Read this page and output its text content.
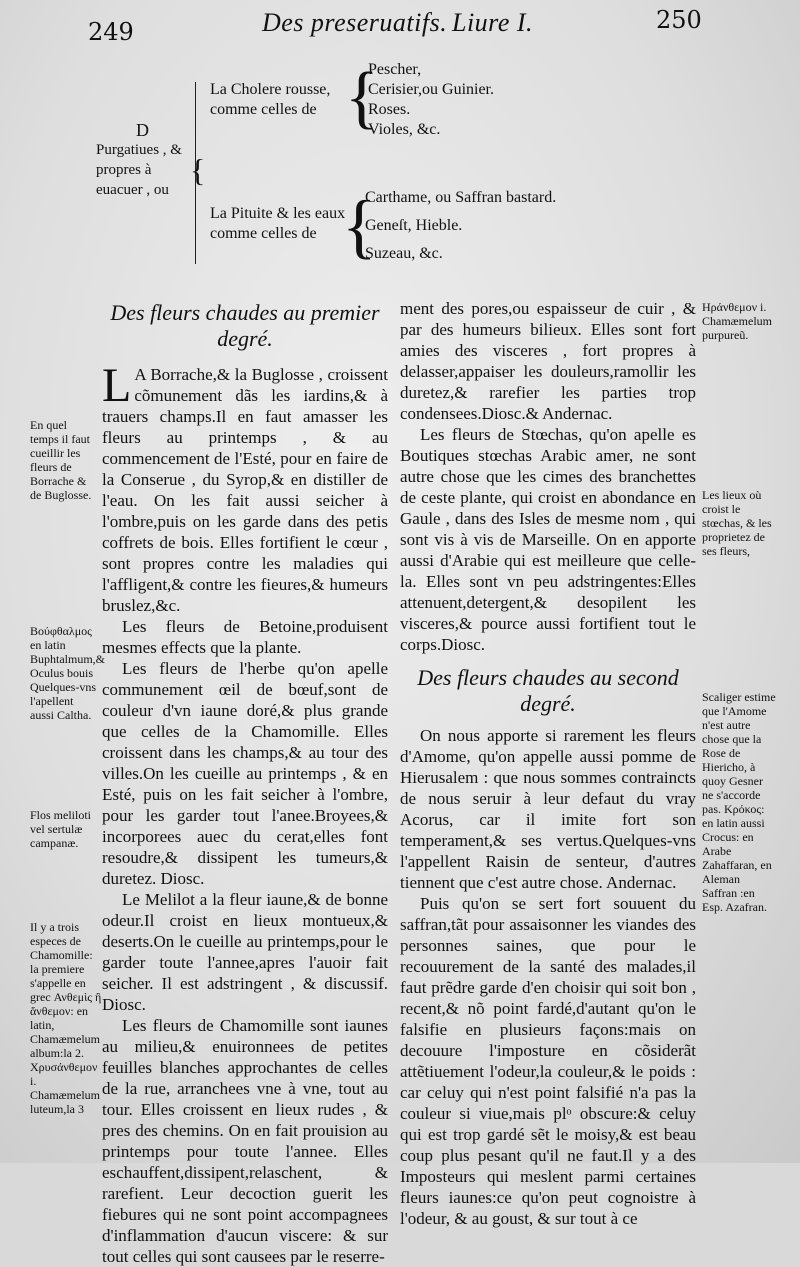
249	Des preseruatifs. Liure I.	250
D
Purgatiues , & propres à euacuer , ou
{
La Cholere rousse, comme celles de {
Pescher,
Cerisier,ou Guinier.
Roses.
Violes, &c.
La Pituite & les eaux comme celles de {
Carthame, ou Saffran bastard.
Geneſt, Hieble.
Suzeau, &c.
En quel temps il faut cueillir les fleurs de Borrache & de Buglosse.
Βούφθαλμος en latin Buphtalmum,& Oculus bouis Quelques-vns l'apellent aussi Caltha.
Flos meliloti vel sertulæ campanæ.
Il y a trois especes de Chamomille: la premiere s'appelle en grec Ανθεμὶς ἢ ἄνθεμον: en latin, Chamæmelum album:la 2. Χρυσάνθεμον i. Chamæmelum luteum,la 3
Des fleurs chaudes au premier degré.

L A Borrache,& la Buglosse , croissent cõmunement dãs les iardins,& à trauers champs.Il en faut amasser les fleurs au printemps , & au commencement de l'Esté, pour en faire de la Conserue , du Syrop,& en distiller de l'eau. On les fait aussi seicher à l'ombre,puis on les garde dans des petis coffrets de bois. Elles fortifient le cœur , sont propres contre les maladies qui l'affligent,& contre les fieures,& humeurs bruslez,&c.

Les fleurs de Betoine,produisent mesmes effects que la plante.

Les fleurs de l'herbe qu'on apelle communement œil de bœuf,sont de couleur d'vn iaune doré,& plus grande que celles de la Chamomille. Elles croissent dans les champs,& au tour des villes.On les cueille au printemps , & en Esté, puis on les fait seicher à l'ombre, pour les garder tout l'anee.Broyees,& incorporees auec du cerat,elles font resoudre,& dissipent les tumeurs,& duretez. Diosc.

Le Melilot a la fleur iaune,& de bonne odeur.Il croist en lieux montueux,& deserts.On le cueille au printemps,pour le garder toute l'annee,apres l'auoir fait seicher. Il est adstringent , & discussif. Diosc.

Les fleurs de Chamomille sont iaunes au milieu,& enuironnees de petites feuilles blanches approchantes de celles de la rue, arranchees vne à vne, tout au tour. Elles croissent en lieux rudes , & pres des chemins. On en fait prouision au printemps pour toute l'annee. Elles eschauffent,dissipent,relaschent, & rarefient. Leur decoction guerit les fiebures qui ne sont point accompagnees d'inflammation d'aucun viscere: & sur tout celles qui sont causees par le reserre-

ment des pores,ou espaisseur de cuir , & par des humeurs bilieux. Elles sont fort amies des visceres , fort propres à delasser,appaiser les douleurs,ramollir les duretez,& rarefier les parties trop condensees.Diosc.& Andernac.

Les fleurs de Stœchas, qu'on apelle es Boutiques stœchas Arabic amer, ne sont autre chose que les cimes des branchettes de ceste plante, qui croist en abondance en Gaule , dans des Isles de mesme nom , qui sont vis à vis de Marseille. On en apporte aussi d'Arabie qui est meilleure que celle-la. Elles sont vn peu adstringentes:Elles attenuent,detergent,& desopilent les visceres,& pource aussi fortifient tout le corps.Diosc.

Des fleurs chaudes au second degré.

On nous apporte si rarement les fleurs d'Amome, qu'on appelle aussi pomme de Hierusalem : que nous sommes contraincts de nous seruir à leur defaut du vray Acorus, car il imite fort son temperament,& ses vertus.Quelques-vns l'appellent Raisin de senteur, d'autres tiennent que c'est autre chose. Andernac.

Puis qu'on se sert fort souuent du saffran,tãt pour assaisonner les viandes des personnes saines, que pour le recouurement de la santé des malades,il faut prẽdre garde d'en choisir qui soit bon , recent,& nõ point fardé,d'autant qu'on le falsifie en plusieurs façons:mais on decouure l'imposture en cõsiderãt attẽtiuement l'odeur,la couleur,& le poids : car celuy qui n'est point falsifié n'a pas la couleur si viue,mais plᵒ obscure:& celuy qui est trop gardé sẽt le moisy,& est beau coup plus pesant qu'il ne faut.Il y a des Imposteurs qui meslent parmi certaines fleurs iaunes:ce qu'on peut cognoistre à l'odeur, & au goust, & sur tout à ce

Ηράνθεμον i. Chamæmelum purpureũ.
Les lieux où croist le stœchas, & les proprietez de ses fleurs,
Scaliger estime que l'Amome n'est autre chose que la Rose de Hiericho, à quoy Gesner ne s'accorde pas. Κρόκος: en latin aussi Crocus: en Arabe Zahaffaran, en Aleman Saffran :en Esp. Azafran.
